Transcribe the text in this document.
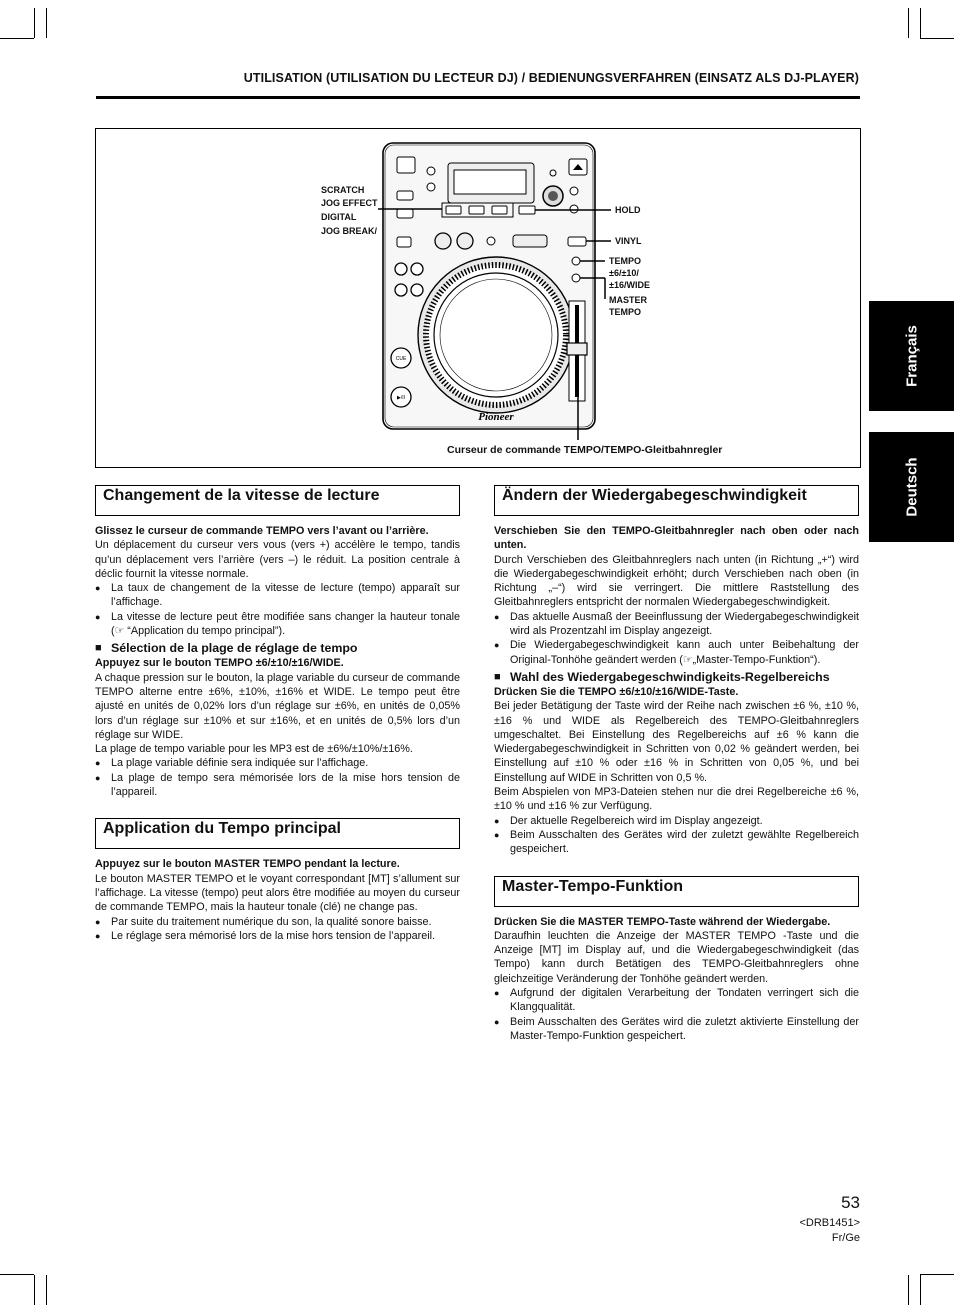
UTILISATION (UTILISATION DU LECTEUR DJ) / BEDIENUNGSVERFAHREN (EINSATZ ALS DJ-PLAYER)
CUE
▶/II
Pioneer
SCRATCH
JOG EFFECT
DIGITAL
JOG BREAK/
HOLD
VINYL
TEMPO
±6/±10/
±16/WIDE
MASTER
TEMPO
Curseur de commande TEMPO/TEMPO-Gleitbahnregler
Français
Deutsch
Changement de la vitesse de lecture

Glissez le curseur de commande TEMPO vers l’avant ou l’arrière.

Un déplacement du curseur vers vous (vers +) accélère le tempo, tandis qu’un déplacement vers l’arrière (vers –) le réduit. La position centrale à déclic fournit la vitesse normale.

● La taux de changement de la vitesse de lecture (tempo) apparaît sur l’affichage.

● La vitesse de lecture peut être modifiée sans changer la hauteur tonale (☞ “Application du tempo principal”).

■ Sélection de la plage de réglage de tempo

Appuyez sur le bouton TEMPO ±6/±10/±16/WIDE.

A chaque pression sur le bouton, la plage variable du curseur de commande TEMPO alterne entre ±6%, ±10%, ±16% et WIDE. Le tempo peut être ajusté en unités de 0,02% lors d’un réglage sur ±6%, en unités de 0,05% lors d’un réglage sur ±10% et sur ±16%, et en unités de 0,5% lors d’un réglage sur WIDE.

La plage de tempo variable pour les MP3 est de ±6%/±10%/±16%.

● La plage variable définie sera indiquée sur l’affichage.

● La plage de tempo sera mémorisée lors de la mise hors tension de l’appareil.

Application du Tempo principal

Appuyez sur le bouton MASTER TEMPO pendant la lecture.

Le bouton MASTER TEMPO et le voyant correspondant [MT] s’allument sur l’affichage. La vitesse (tempo) peut alors être modifiée au moyen du curseur de commande TEMPO, mais la hauteur tonale (clé) ne change pas.

● Par suite du traitement numérique du son, la qualité sonore baisse.

● Le réglage sera mémorisé lors de la mise hors tension de l’appareil.

Ändern der Wiedergabegeschwindigkeit

Verschieben Sie den TEMPO-Gleitbahnregler nach oben oder nach unten.

Durch Verschieben des Gleitbahnreglers nach unten (in Richtung „+“) wird die Wiedergabegeschwindigkeit erhöht; durch Verschieben nach oben (in Richtung „–“) wird sie verringert. Die mittlere Raststellung des Gleitbahnreglers entspricht der normalen Wiedergabegeschwindigkeit.

● Das aktuelle Ausmaß der Beeinflussung der Wiedergabegeschwindigkeit wird als Prozentzahl im Display angezeigt.

● Die Wiedergabegeschwindigkeit kann auch unter Beibehaltung der Original-Tonhöhe geändert werden (☞„Master-Tempo-Funktion“).

■ Wahl des Wiedergabegeschwindigkeits-Regelbereichs

Drücken Sie die TEMPO ±6/±10/±16/WIDE-Taste.

Bei jeder Betätigung der Taste wird der Reihe nach zwischen ±6 %, ±10 %, ±16 % und WIDE als Regelbereich des TEMPO-Gleitbahnreglers umgeschaltet. Bei Einstellung des Regelbereichs auf ±6 % kann die Wiedergabegeschwindigkeit in Schritten von 0,02 % geändert werden, bei Einstellung auf ±10 % oder ±16 % in Schritten von 0,05 %, und bei Einstellung auf WIDE in Schritten von 0,5 %.

Beim Abspielen von MP3-Dateien stehen nur die drei Regelbereiche ±6 %, ±10 % und ±16 % zur Verfügung.

● Der aktuelle Regelbereich wird im Display angezeigt.

● Beim Ausschalten des Gerätes wird der zuletzt gewählte Regelbereich gespeichert.

Master-Tempo-Funktion

Drücken Sie die MASTER TEMPO-Taste während der Wiedergabe.

Daraufhin leuchten die Anzeige der MASTER TEMPO -Taste und die Anzeige [MT] im Display auf, und die Wiedergabegeschwindigkeit (das Tempo) kann durch Betätigen des TEMPO-Gleitbahnreglers ohne gleichzeitige Veränderung der Tonhöhe geändert werden.

● Aufgrund der digitalen Verarbeitung der Tondaten verringert sich die Klangqualität.

● Beim Ausschalten des Gerätes wird die zuletzt aktivierte Einstellung der Master-Tempo-Funktion gespeichert.

53
<DRB1451>
Fr/Ge
